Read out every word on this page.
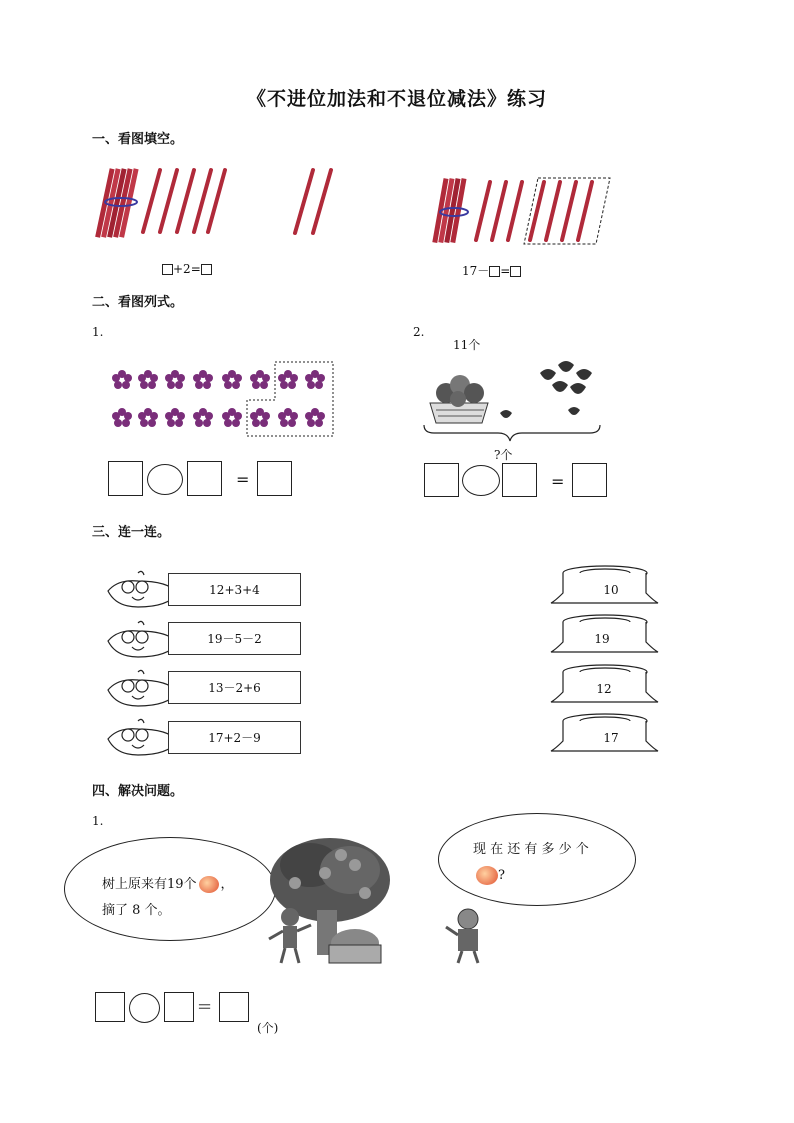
《不进位加法和不退位减法》练习
一、看图填空。
+2=	17－ =
二、看图列式。
1.	2.
=
11个
?个
=
三、连一连。
12+3+4
19－5－2
13－2+6
17+2－9
10
19
12
17
四、解决问题。
1.
树上原来有19个 ，
摘了 8 个。
现 在 还 有 多 少 个
?
=
(个)
